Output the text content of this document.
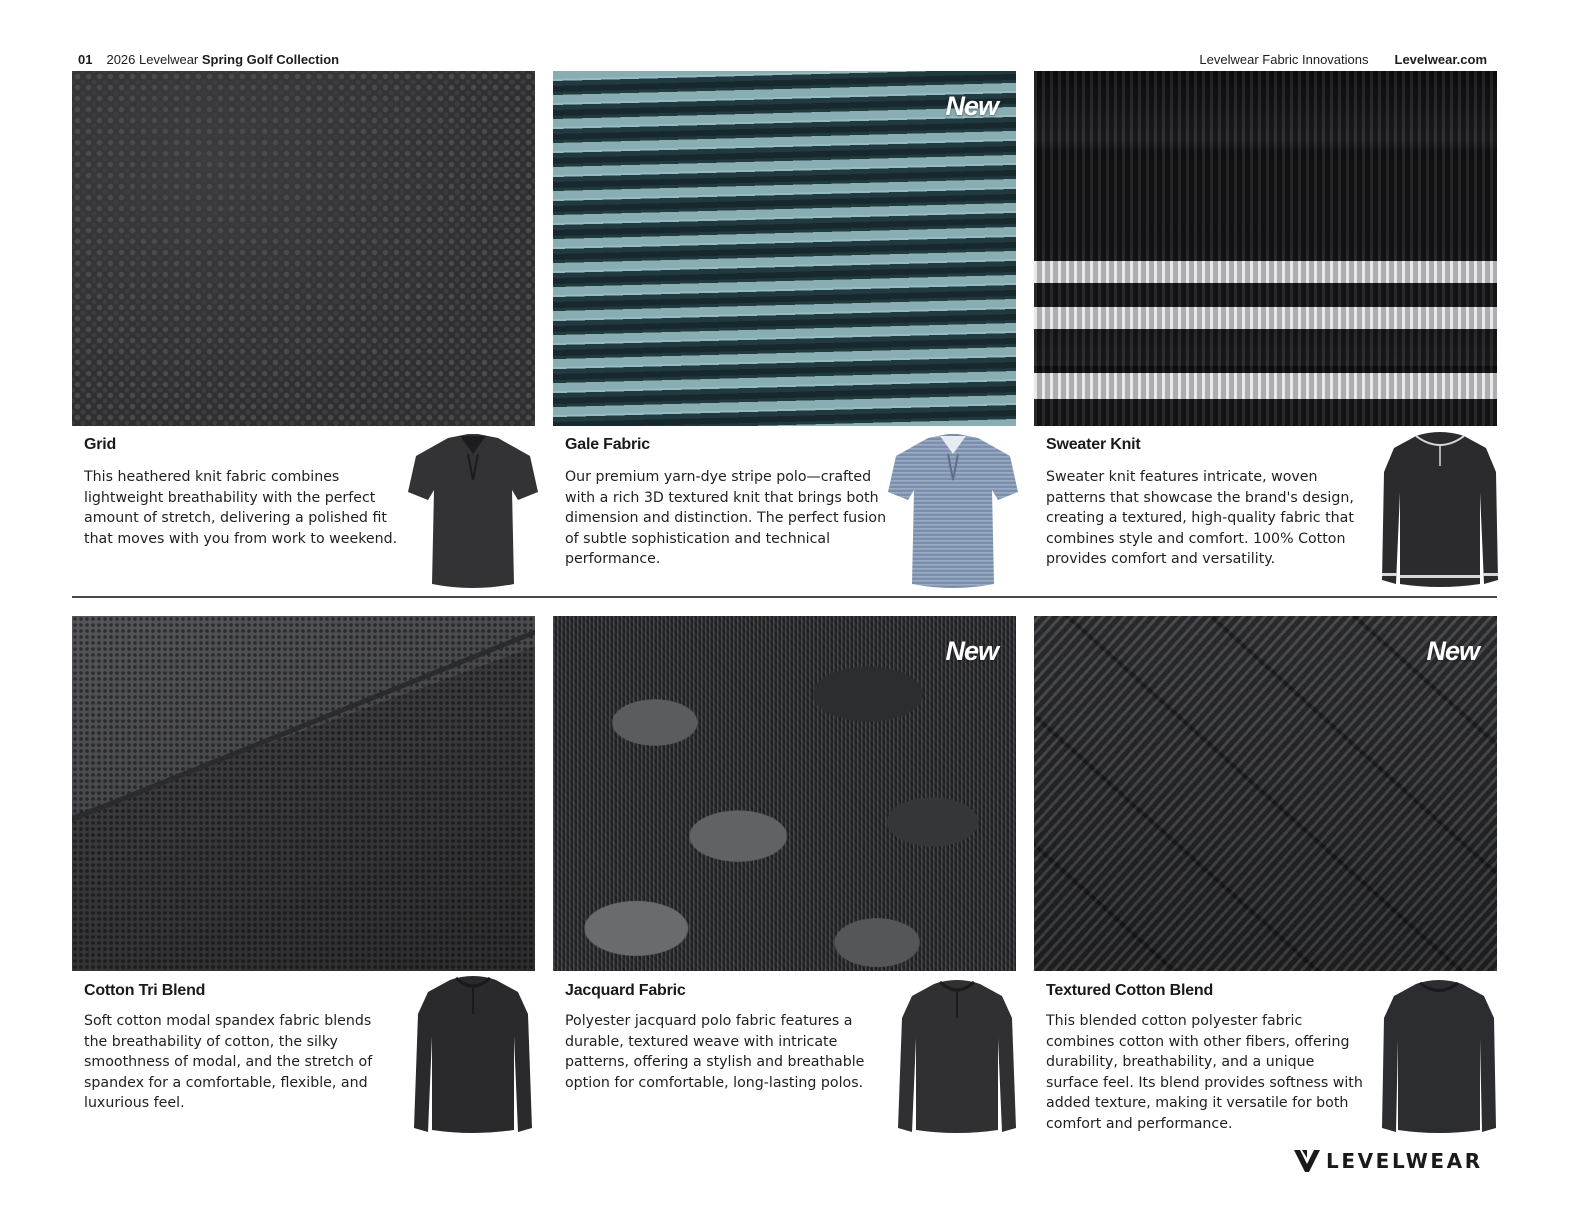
01 2026 Levelwear Spring Golf Collection	Levelwear Fabric Innovations Levelwear.com
New
Grid
This heathered knit fabric combines lightweight breathability with the perfect amount of stretch, delivering a polished fit that moves with you from work to weekend.
Gale Fabric
Our premium yarn-dye stripe polo—crafted with a rich 3D textured knit that brings both dimension and distinction. The perfect fusion of subtle sophistication and technical performance.
Sweater Knit
Sweater knit features intricate, woven patterns that showcase the brand's design, creating a textured, high-quality fabric that combines style and comfort. 100% Cotton provides comfort and versatility.
New	New
Cotton Tri Blend
Soft cotton modal spandex fabric blends the breathability of cotton, the silky smoothness of modal, and the stretch of spandex for a comfortable, flexible, and luxurious feel.
Jacquard Fabric
Polyester jacquard polo fabric features a durable, textured weave with intricate patterns, offering a stylish and breathable option for comfortable, long-lasting polos.
Textured Cotton Blend
This blended cotton polyester fabric combines cotton with other fibers, offering durability, breathability, and a unique surface feel. Its blend provides softness with added texture, making it versatile for both comfort and performance.
LEVELWEAR
